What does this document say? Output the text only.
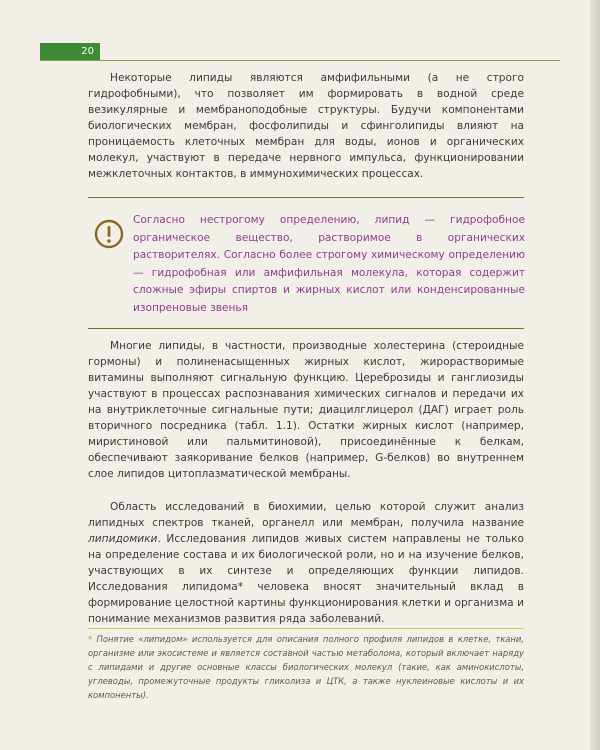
20

Некоторые липиды являются амфифильными (а не строго гидрофобными), что позволяет им формировать в водной среде везикулярные и мембраноподобные структуры. Будучи компонентами биологических мембран, фосфолипиды и сфинголипиды влияют на проницаемость клеточных мембран для воды, ионов и органических молекул, участвуют в передаче нервного импульса, функционировании межклеточных контактов, в иммунохимических процессах.

Согласно нестрогому определению, липид — гидрофобное органическое вещество, растворимое в органических растворителях. Согласно более строгому химическому определению — гидрофобная или амфифильная молекула, которая содержит сложные эфиры спиртов и жирных кислот или конденсированные изопреновые звенья

Многие липиды, в частности, производные холестерина (стероидные гормоны) и полиненасыщенных жирных кислот, жирорастворимые витамины выполняют сигнальную функцию. Цереброзиды и ганглиозиды участвуют в процессах распознавания химических сигналов и передачи их на внутриклеточные сигнальные пути; диацилглицерол (ДАГ) играет роль вторичного посредника (табл. 1.1). Остатки жирных кислот (например, миристиновой или пальмитиновой), присоединённые к белкам, обеспечивают заякоривание белков (например, G-белков) во внутреннем слое липидов цитоплазматической мембраны.

Область исследований в биохимии, целью которой служит анализ липидных спектров тканей, органелл или мембран, получила название липидомики. Исследования липидов живых систем направлены не только на определение состава и их биологической роли, но и на изучение белков, участвующих в их синтезе и определяющих функции липидов. Исследования липидома* человека вносят значительный вклад в формирование целостной картины функционирования клетки и организма и понимание механизмов развития ряда заболеваний.

* Понятие «липидом» используется для описания полного профиля липидов в клетке, ткани, организме или экосистеме и является составной частью метаболома, который включает наряду с липидами и другие основные классы биологических молекул (такие, как аминокислоты, углеводы, промежуточные продукты гликолиза и ЦТК, а также нуклеиновые кислоты и их компоненты).
